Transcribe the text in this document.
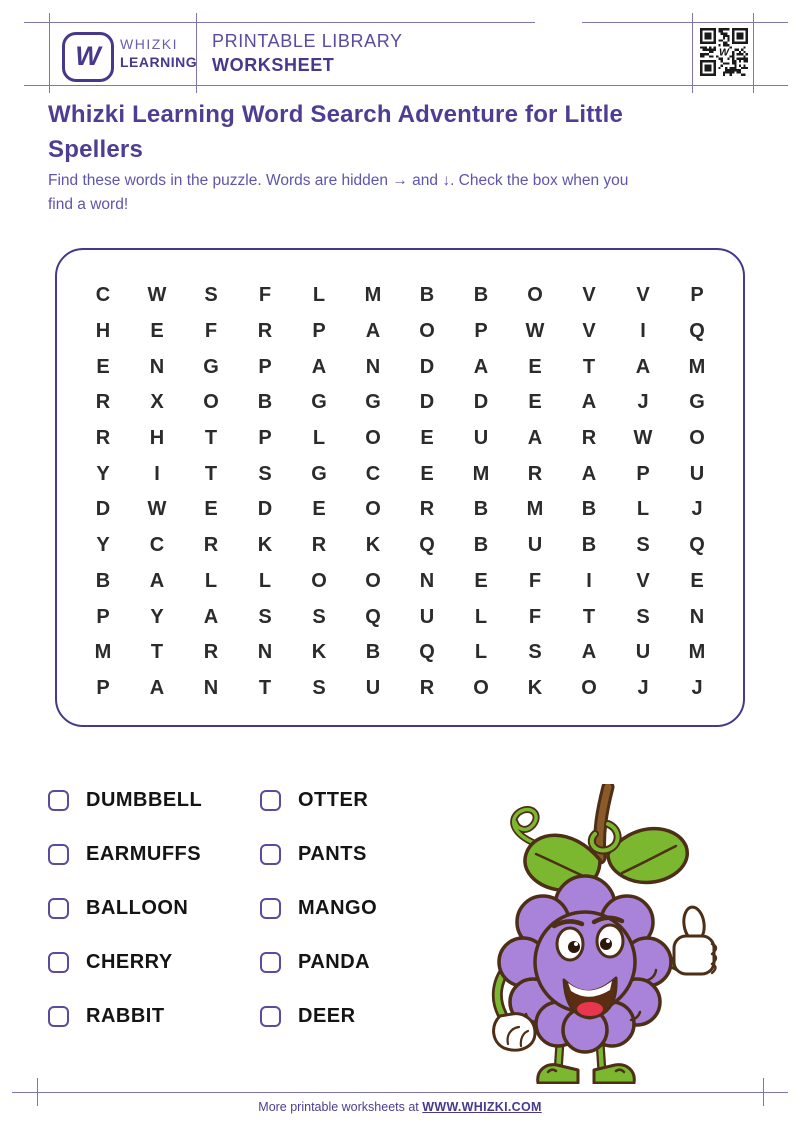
W WHIZKI
LEARNING
PRINTABLE LIBRARY
WORKSHEET
W
Whizki Learning Word Search Adventure for Little
Spellers

Find these words in the puzzle. Words are hidden → and ↓. Check the box when you
find a word!

C	W	S	F	L	M	B	B	O	V	V	P
H	E	F	R	P	A	O	P	W	V	I	Q
E	N	G	P	A	N	D	A	E	T	A	M
R	X	O	B	G	G	D	D	E	A	J	G
R	H	T	P	L	O	E	U	A	R	W	O
Y	I	T	S	G	C	E	M	R	A	P	U
D	W	E	D	E	O	R	B	M	B	L	J
Y	C	R	K	R	K	Q	B	U	B	S	Q
B	A	L	L	O	O	N	E	F	I	V	E
P	Y	A	S	S	Q	U	L	F	T	S	N
M	T	R	N	K	B	Q	L	S	A	U	M
P	A	N	T	S	U	R	O	K	O	J	J
DUMBBELL
EARMUFFS
BALLOON
CHERRY
RABBIT
OTTER
PANTS
MANGO
PANDA
DEER
More printable worksheets at WWW.WHIZKI.COM
